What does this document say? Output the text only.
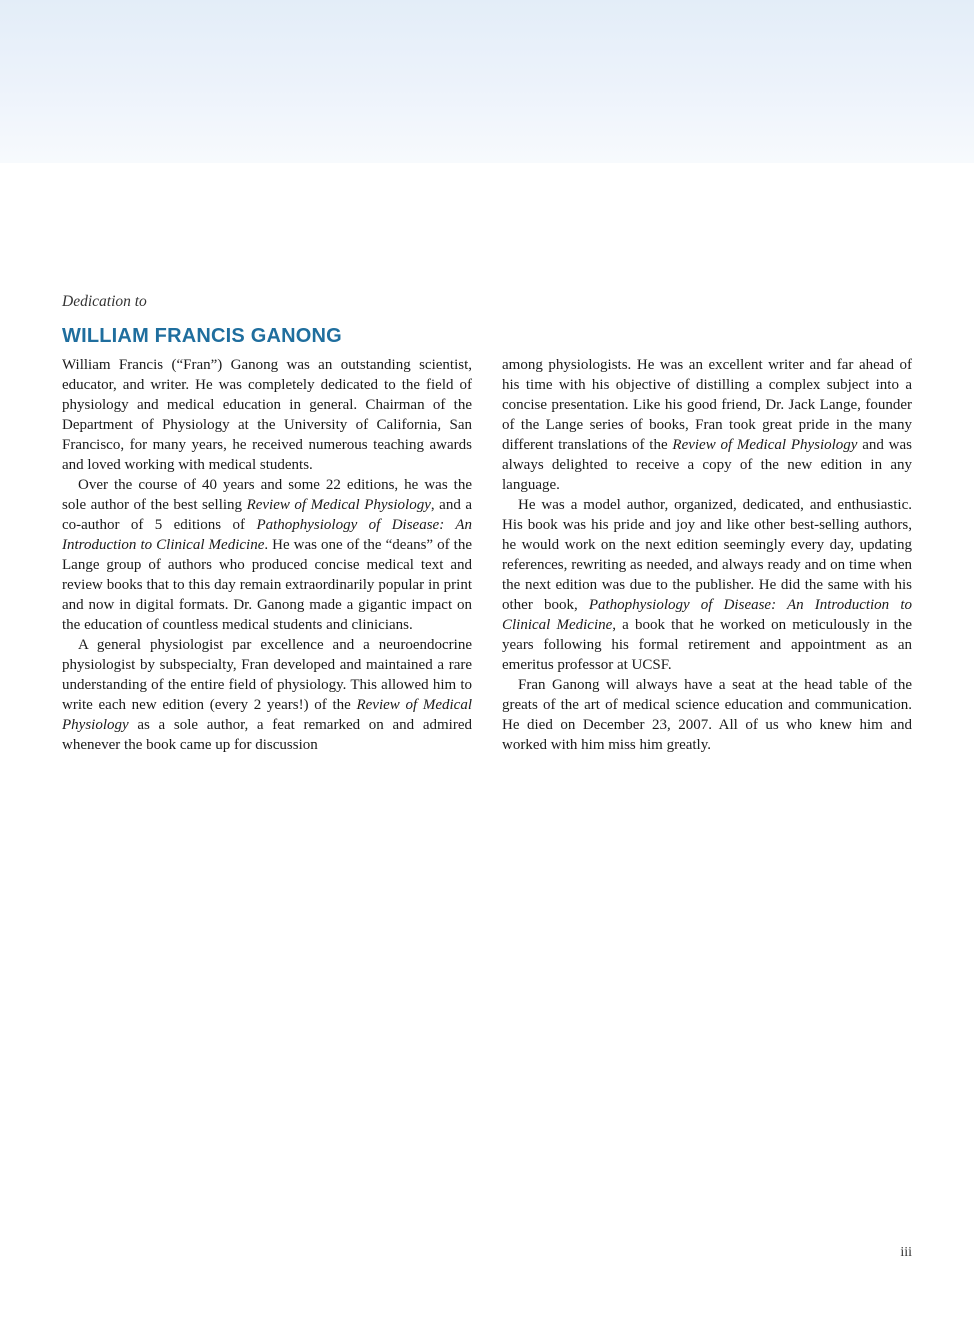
Dedication to
WILLIAM FRANCIS GANONG

William Francis (“Fran”) Ganong was an outstanding scientist, educator, and writer. He was completely dedicated to the field of physiology and medical education in general. Chairman of the Department of Physiology at the University of California, San Francisco, for many years, he received numerous teaching awards and loved working with medical students.

Over the course of 40 years and some 22 editions, he was the sole author of the best selling Review of Medical Physiology, and a co-author of 5 editions of Pathophysiology of Disease: An Introduction to Clinical Medicine. He was one of the “deans” of the Lange group of authors who produced concise medical text and review books that to this day remain extraordinarily popular in print and now in digital formats. Dr. Ganong made a gigantic impact on the education of countless medical students and clinicians.

A general physiologist par excellence and a neuroendocrine physiologist by subspecialty, Fran developed and maintained a rare understanding of the entire field of physiology. This allowed him to write each new edition (every 2 years!) of the Review of Medical Physiology as a sole author, a feat remarked on and admired whenever the book came up for discussion

among physiologists. He was an excellent writer and far ahead of his time with his objective of distilling a complex subject into a concise presentation. Like his good friend, Dr. Jack Lange, founder of the Lange series of books, Fran took great pride in the many different translations of the Review of Medical Physiology and was always delighted to receive a copy of the new edition in any language.

He was a model author, organized, dedicated, and enthusiastic. His book was his pride and joy and like other best-selling authors, he would work on the next edition seemingly every day, updating references, rewriting as needed, and always ready and on time when the next edition was due to the publisher. He did the same with his other book, Pathophysiology of Disease: An Introduction to Clinical Medicine, a book that he worked on meticulously in the years following his formal retirement and appointment as an emeritus professor at UCSF.

Fran Ganong will always have a seat at the head table of the greats of the art of medical science education and communication. He died on December 23, 2007. All of us who knew him and worked with him miss him greatly.

iii
